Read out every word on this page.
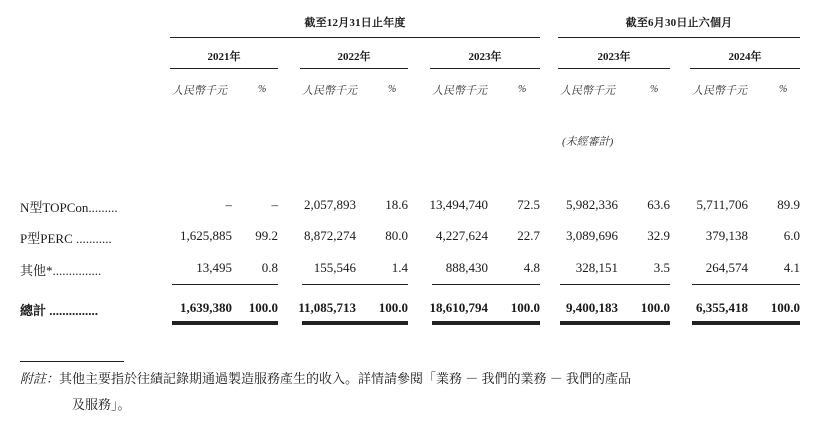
截至12月31日止年度	截至6月30日止六個月
2021年	2022年	2023年	2023年	2024年
人民幣千元	%	人民幣千元	%	人民幣千元	%	人民幣千元	%	人民幣千元	%
(未經審計)
N型TOPCon.........	–	–	2,057,893	18.6	13,494,740	72.5	5,982,336	63.6	5,711,706	89.9
P型PERC ...........	1,625,885	99.2	8,872,274	80.0	4,227,624	22.7	3,089,696	32.9	379,138	6.0
其他*...............	13,495	0.8	155,546	1.4	888,430	4.8	328,151	3.5	264,574	4.1
總計 ...............	1,639,380 100.0	11,085,713 100.0	18,610,794 100.0	9,400,183 100.0	6,355,418 100.0
附註：其他主要指於往績記錄期通過製造服務產生的收入。詳情請參閱「業務 － 我們的業務 － 我們的產品
及服務」。
